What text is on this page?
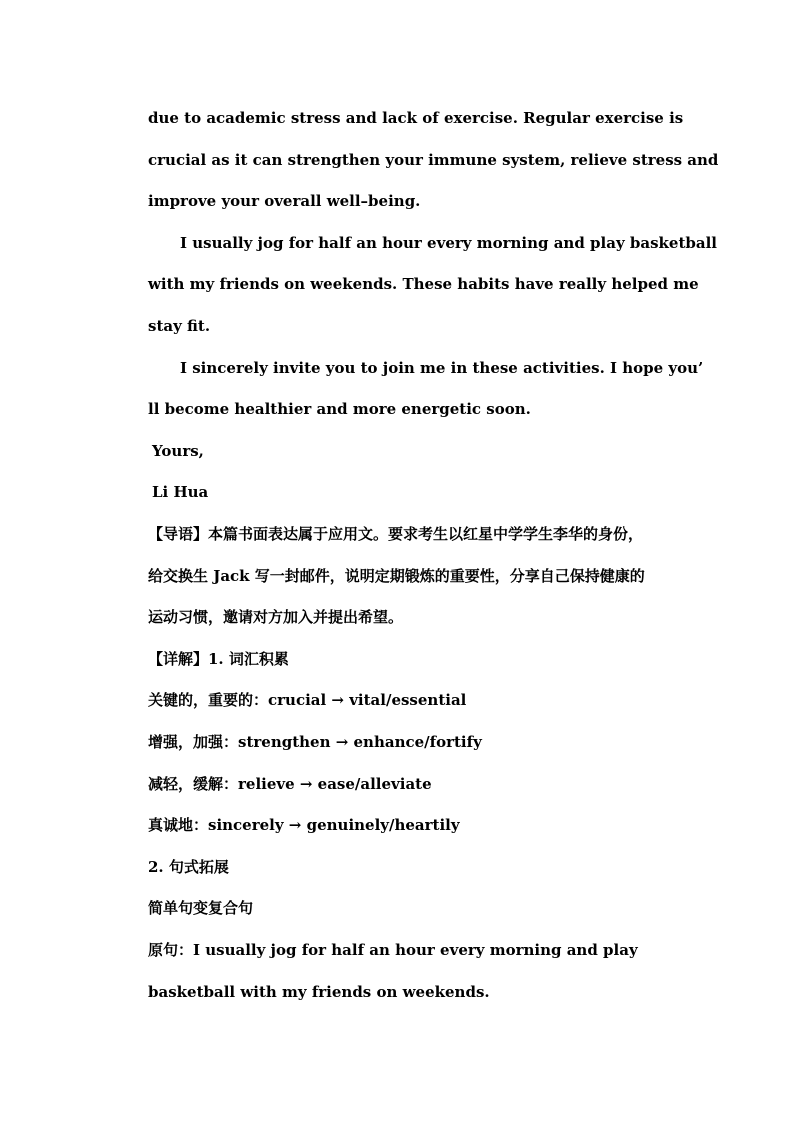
due to academic stress and lack of exercise. Regular exercise is
crucial as it can strengthen your immune system, relieve stress and
improve your overall well–being.
I usually jog for half an hour every morning and play basketball
with my friends on weekends. These habits have really helped me
stay fit.
I sincerely invite you to join me in these activities. I hope you’
ll become healthier and more energetic soon.
Yours,
Li Hua
【导语】本篇书面表达属于应用文。要求考生以红星中学学生李华的身份，
给交换生 Jack 写一封邮件，说明定期锻炼的重要性，分享自己保持健康的
运动习惯，邀请对方加入并提出希望。
【详解】1. 词汇积累
关键的，重要的：crucial → vital/essential
增强，加强：strengthen → enhance/fortify
减轻，缓解：relieve → ease/alleviate
真诚地：sincerely → genuinely/heartily
2. 句式拓展
简单句变复合句
原句：I usually jog for half an hour every morning and play
basketball with my friends on weekends.
